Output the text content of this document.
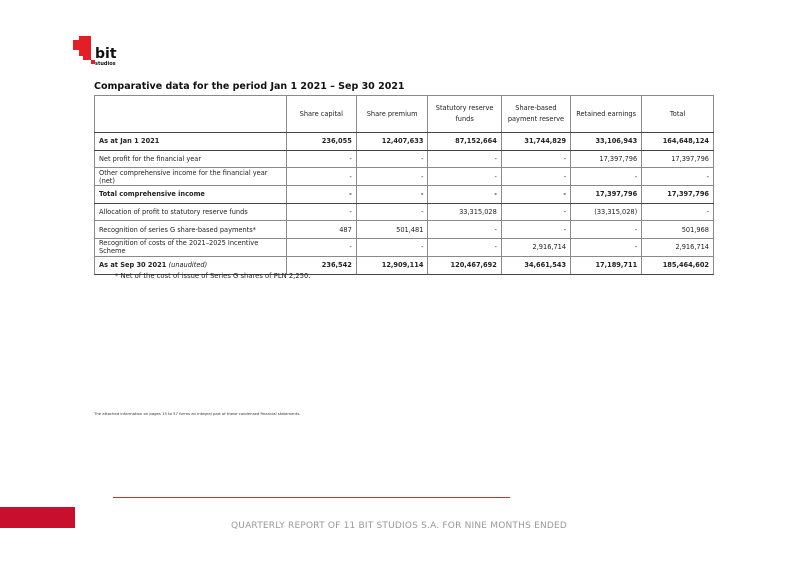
bit
studios
Comparative data for the period Jan 1 2021 – Sep 30 2021
	Share capital	Share premium	Statutory reserve funds	Share-based payment reserve	Retained earnings	Total
As at Jan 1 2021	236,055	12,407,633	87,152,664	31,744,829	33,106,943	164,648,124
Net profit for the financial year	-	-	-	-	17,397,796	17,397,796
Other comprehensive income for the financial year (net)	-	-	-	-	-	-
Total comprehensive income	-	-	-	-	17,397,796	17,397,796
Allocation of profit to statutory reserve funds	-	-	33,315,028	-	(33,315,028)	-
Recognition of series G share-based payments*	487	501,481	-	-	-	501,968
Recognition of costs of the 2021–2025 Incentive Scheme	-	-	-	2,916,714	-	2,916,714
As at Sep 30 2021 (unaudited)	236,542	12,909,114	120,467,692	34,661,543	17,189,711	185,464,602
* Net of the cost of issue of Series G shares of PLN 2,250.
The attached information on pages 15 to 57 forms an integral part of these condensed financial statements.
QUARTERLY REPORT OF 11 BIT STUDIOS S.A. FOR NINE MONTHS ENDED
